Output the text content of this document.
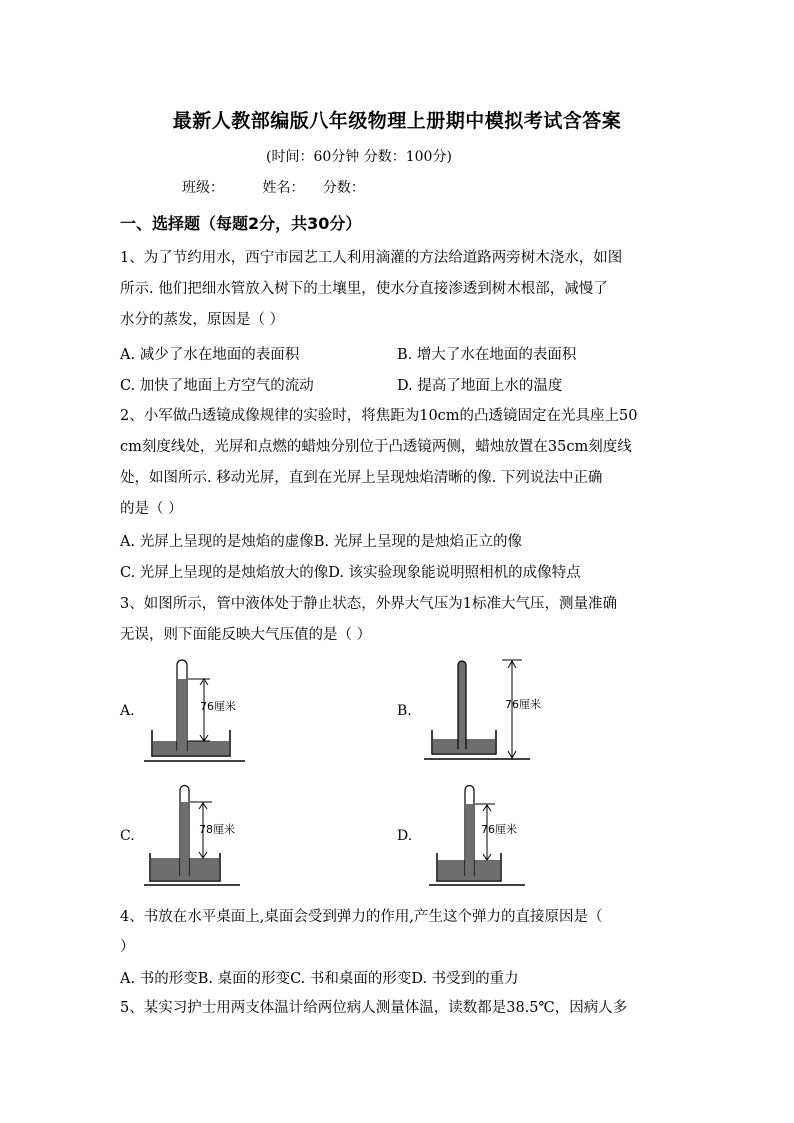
最新人教部编版八年级物理上册期中模拟考试含答案
(时间：60分钟 分数：100分)
班级：	姓名： 分数：
一、选择题（每题2分，共30分）
1、为了节约用水，西宁市园艺工人利用滴灌的方法给道路两旁树木浇水，如图
所示. 他们把细水管放入树下的土壤里，使水分直接渗透到树木根部，减慢了
水分的蒸发，原因是（ ）
A. 减少了水在地面的表面积	B. 增大了水在地面的表面积
C. 加快了地面上方空气的流动	D. 提高了地面上水的温度
2、小军做凸透镜成像规律的实验时，将焦距为10cm的凸透镜固定在光具座上50
cm刻度线处，光屏和点燃的蜡烛分别位于凸透镜两侧，蜡烛放置在35cm刻度线
处，如图所示. 移动光屏，直到在光屏上呈现烛焰清晰的像. 下列说法中正确
的是（ ）
A. 光屏上呈现的是烛焰的虚像B. 光屏上呈现的是烛焰正立的像
C. 光屏上呈现的是烛焰放大的像D. 该实验现象能说明照相机的成像特点
3、如图所示，管中液体处于静止状态，外界大气压为1标准大气压，测量准确
无误，则下面能反映大气压值的是（ ）
A.	76厘米	B.	76厘米
C.	78厘米	D.	76厘米
4、书放在水平桌面上,桌面会受到弹力的作用,产生这个弹力的直接原因是（
）
A. 书的形变B. 桌面的形变C. 书和桌面的形变D. 书受到的重力
5、某实习护士用两支体温计给两位病人测量体温，读数都是38.5℃，因病人多
